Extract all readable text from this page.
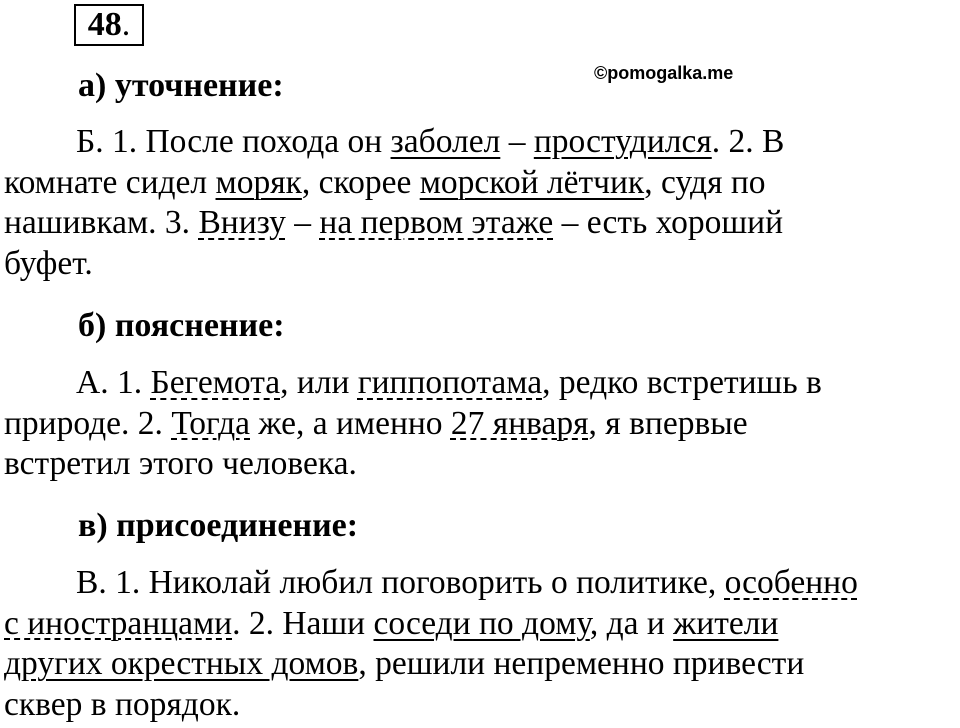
48.
©pomogalka.me

а) уточнение:

Б. 1. После похода он заболел – простудился. 2. В
комнате сидел моряк, скорее морской лётчик, судя по
нашивкам. 3. Внизу – на первом этаже – есть хороший
буфет.

б) пояснение:

А. 1. Бегемота, или гиппопотама, редко встретишь в
природе. 2. Тогда же, а именно 27 января, я впервые
встретил этого человека.

в) присоединение:

В. 1. Николай любил поговорить о политике, особенно
с иностранцами. 2. Наши соседи по дому, да и жители
других окрестных домов, решили непременно привести
сквер в порядок.
